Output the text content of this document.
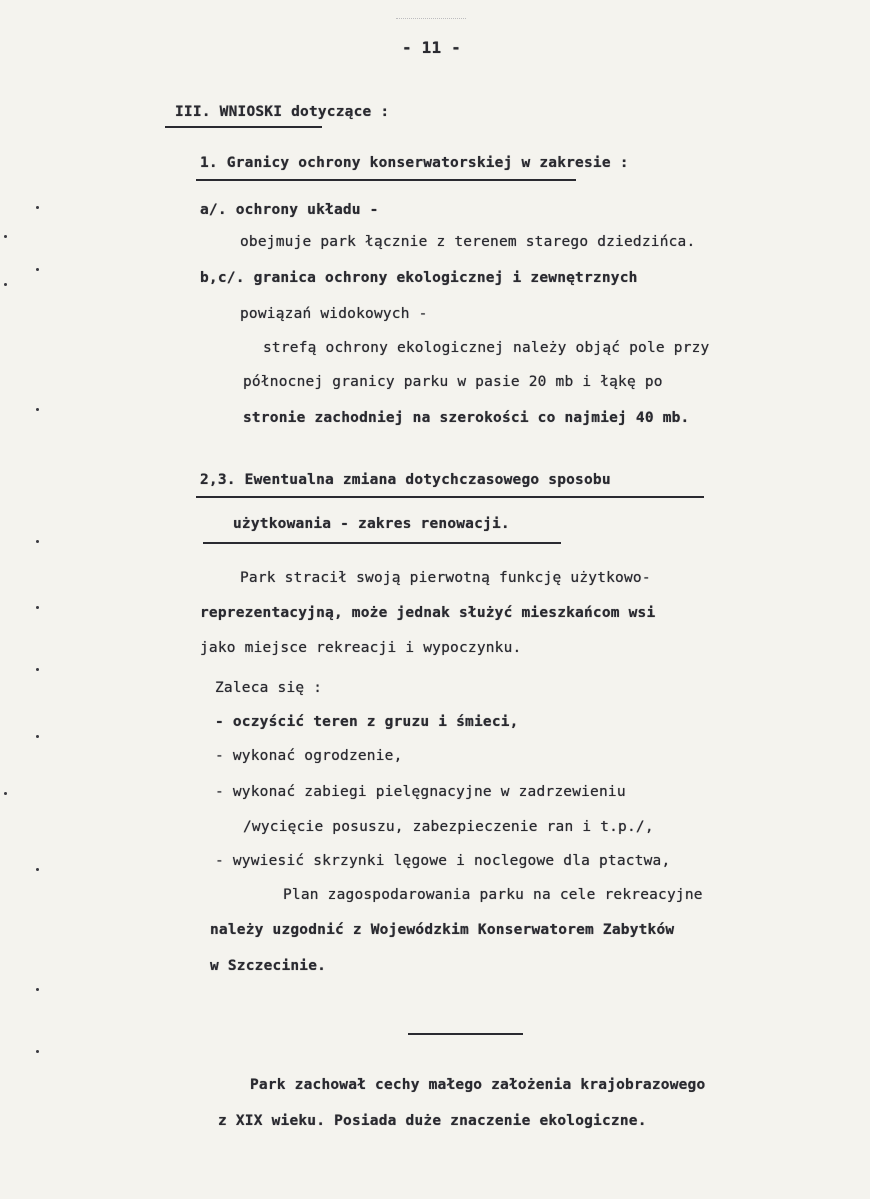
- 11 -
III. WNIOSKI dotyczące :
1. Granicy ochrony konserwatorskiej w zakresie :
a/. ochrony układu -
obejmuje park łącznie z terenem starego dziedzińca.
b,c/. granica ochrony ekologicznej i zewnętrznych
powiązań widokowych -
strefą ochrony ekologicznej należy objąć pole przy
północnej granicy parku w pasie 20 mb i łąkę po
stronie zachodniej na szerokości co najmiej 40 mb.
2,3. Ewentualna zmiana dotychczasowego sposobu
użytkowania - zakres renowacji.
Park stracił swoją pierwotną funkcję użytkowo-
reprezentacyjną, może jednak służyć mieszkańcom wsi
jako miejsce rekreacji i wypoczynku.
Zaleca się :
- oczyścić teren z gruzu i śmieci,
- wykonać ogrodzenie,
- wykonać zabiegi pielęgnacyjne w zadrzewieniu
/wycięcie posuszu, zabezpieczenie ran i t.p./,
- wywiesić skrzynki lęgowe i noclegowe dla ptactwa,
Plan zagospodarowania parku na cele rekreacyjne
należy uzgodnić z Wojewódzkim Konserwatorem Zabytków
w Szczecinie.
Park zachował cechy małego założenia krajobrazowego
z XIX wieku. Posiada duże znaczenie ekologiczne.
